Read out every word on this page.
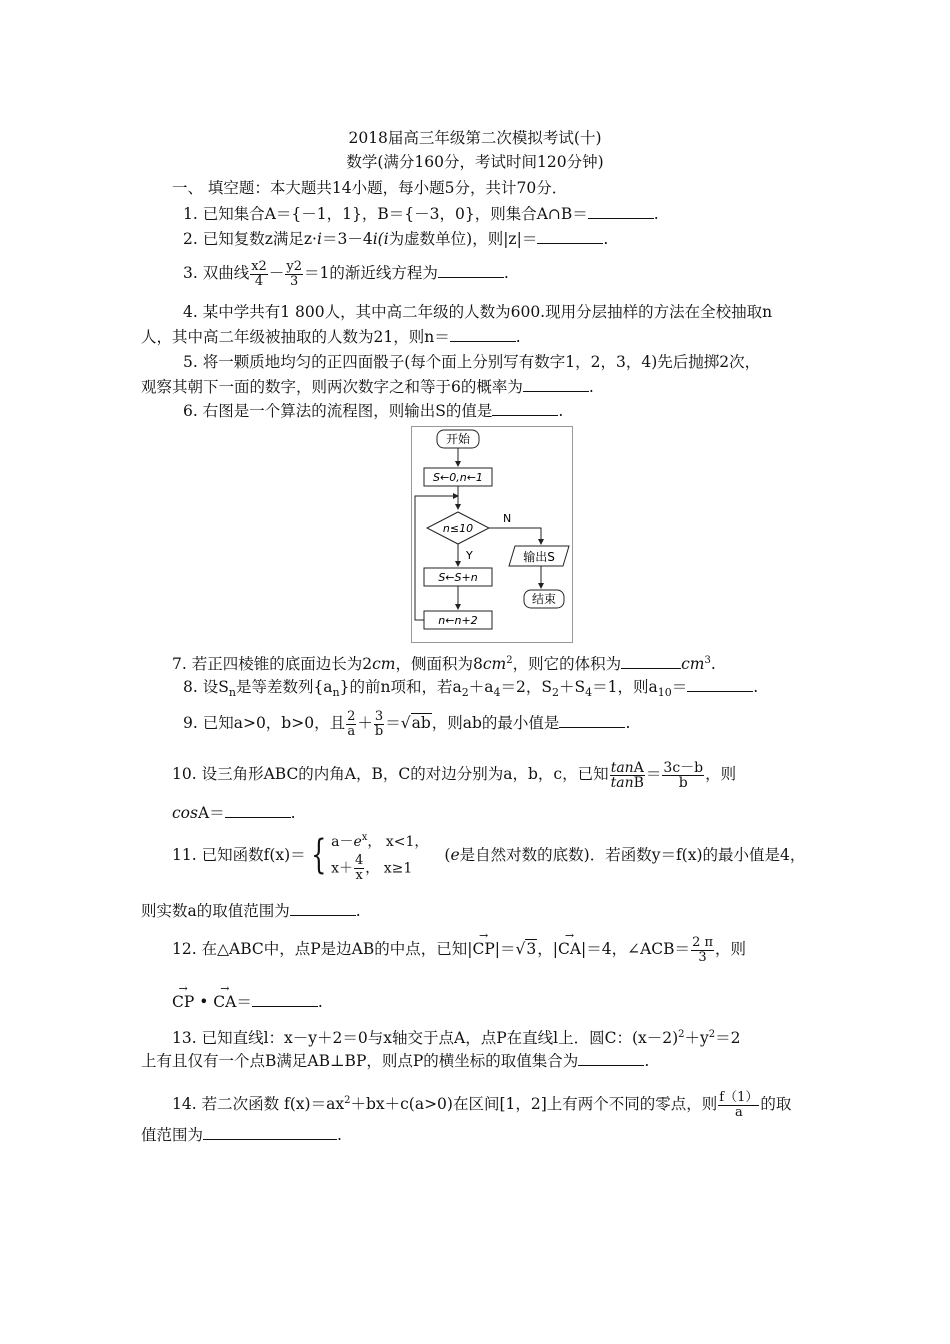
2018届高三年级第二次模拟考试(十)
数学(满分160分，考试时间120分钟)
一、 填空题：本大题共14小题，每小题5分，共计70分．
1. 已知集合A＝{－1，1}，B＝{－3，0}，则集合A∩B＝	.
2. 已知复数z满足z·i＝3－4i(i为虚数单位)，则|z|＝	.
3. 双曲线 $\frac{x2}{4} - \frac{y2}{3} =1$的渐近线方程为	.
4. 某中学共有1 800人，其中高二年级的人数为600.现用分层抽样的方法在全校抽取n
人，其中高二年级被抽取的人数为21，则n＝	.
5. 将一颗质地均匀的正四面骰子(每个面上分别写有数字1，2，3，4)先后抛掷2次，
观察其朝下一面的数字，则两次数字之和等于6的概率为	.
6. 右图是一个算法的流程图，则输出S的值是	.
开始
S←0,n←1
n≤10
N
输出S
结束
Y
S←S+n
n←n+2
7. 若正四棱锥的底面边长为2cm，侧面积为$8cm^2$，则它的体积为	$cm^3$.
8. 设$S_n$是等差数列$\{a_n\}$的前n项和，若$a_2+a_4=2$，$S_2+S_4=1$，则$a_{10}=$	.
9. 已知a>0，b>0，且 $\frac{2}{a} + \frac{3}{b} =√ab$，则ab的最小值是	.
10. 设三角形ABC的内角A，B，C的对边分别为a，b，c，已知 $\frac{\tan A}{\tan B} = \frac{3c-b}{b}$ ，则
cosA＝	.
11. 已知函数f(x)＝ { $a-e^x$， x<1，
$x+ \frac{4}{x}$ ， x≥1
(e是自然对数的底数)．若函数y＝f(x)的最小值是4，
则实数a的取值范围为	.
12. 在△ABC中，点P是边AB的中点，已知|→ CP|＝√3，|→ CA|＝4，∠ACB＝ $\frac{2 \pi}{3}$ ，则
→ CP • → CA＝	.
13. 已知直线l：x－y＋2＝0与x轴交于点A，点P在直线l上．圆C：$(x-2)^2+y^2=2$
上有且仅有一个点B满足AB⊥BP，则点P的横坐标的取值集合为	.
14. 若二次函数 $f(x)=ax^2+bx+c(a>0)$在区间[1，2]上有两个不同的零点，则 $\frac{f(1)}{a}$ 的取
值范围为	.
